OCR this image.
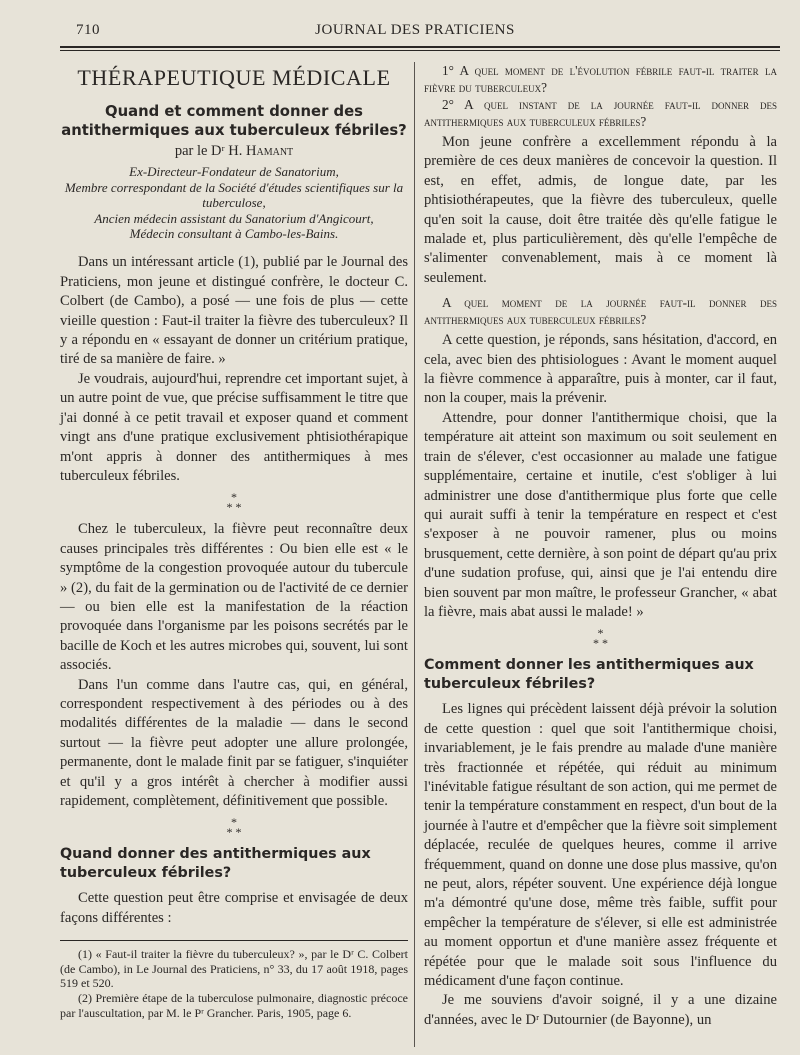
710	JOURNAL DES PRATICIENS
THÉRAPEUTIQUE MÉDICALE
Quand et comment donner des antithermiques aux tuberculeux fébriles?
par le Dʳ H. Hamant
Ex-Directeur-Fondateur de Sanatorium,
Membre correspondant de la Société d'études scientifiques sur la tuberculose,
Ancien médecin assistant du Sanatorium d'Angicourt,
Médecin consultant à Cambo-les-Bains.

Dans un intéressant article (1), publié par le Journal des Praticiens, mon jeune et distingué confrère, le docteur C. Colbert (de Cambo), a posé — une fois de plus — cette vieille question : Faut-il traiter la fièvre des tuberculeux? Il y a répondu en « essayant de donner un critérium pratique, tiré de sa manière de faire. »

Je voudrais, aujourd'hui, reprendre cet important sujet, à un autre point de vue, que précise suffisamment le titre que j'ai donné à ce petit travail et exposer quand et comment vingt ans d'une pratique exclusivement phtisiothérapique m'ont appris à donner des antithermiques à mes tuberculeux fébriles.

*
* *

Chez le tuberculeux, la fièvre peut reconnaître deux causes principales très différentes : Ou bien elle est « le symptôme de la congestion provoquée autour du tubercule » (2), du fait de la germination ou de l'activité de ce dernier — ou bien elle est la manifestation de la réaction provoquée dans l'organisme par les poisons secrétés par le bacille de Koch et les autres microbes qui, souvent, lui sont associés.

Dans l'un comme dans l'autre cas, qui, en général, correspondent respectivement à des périodes ou à des modalités différentes de la maladie — dans le second surtout — la fièvre peut adopter une allure prolongée, permanente, dont le malade finit par se fatiguer, s'inquiéter et qu'il y a gros intérêt à chercher à modifier aussi rapidement, complètement, définitivement que possible.

*
* *
Quand donner des antithermiques aux tuberculeux fébriles?

Cette question peut être comprise et envisagée de deux façons différentes :

(1) « Faut-il traiter la fièvre du tuberculeux? », par le Dʳ C. Colbert (de Cambo), in Le Journal des Praticiens, n° 33, du 17 août 1918, pages 519 et 520.

(2) Première étape de la tuberculose pulmonaire, diagnostic précoce par l'auscultation, par M. le Pʳ Grancher. Paris, 1905, page 6.

1° A quel moment de l'évolution fébrile faut-il traiter la fièvre du tuberculeux?

2° A quel instant de la journée faut-il donner des antithermiques aux tuberculeux fébriles?

Mon jeune confrère a excellemment répondu à la première de ces deux manières de concevoir la question. Il est, en effet, admis, de longue date, par les phtisiothérapeutes, que la fièvre des tuberculeux, quelle qu'en soit la cause, doit être traitée dès qu'elle fatigue le malade et, plus particulièrement, dès qu'elle l'empêche de s'alimenter convenablement, mais à ce moment là seulement.

A quel moment de la journée faut-il donner des antithermiques aux tuberculeux fébriles?

A cette question, je réponds, sans hésitation, d'accord, en cela, avec bien des phtisiologues : Avant le moment auquel la fièvre commence à apparaître, puis à monter, car il faut, non la couper, mais la prévenir.

Attendre, pour donner l'antithermique choisi, que la température ait atteint son maximum ou soit seulement en train de s'élever, c'est occasionner au malade une fatigue supplémentaire, certaine et inutile, c'est s'obliger à lui administrer une dose d'antithermique plus forte que celle qui aurait suffi à tenir la température en respect et c'est s'exposer à ne pouvoir ramener, plus ou moins brusquement, cette dernière, à son point de départ qu'au prix d'une sudation profuse, qui, ainsi que je l'ai entendu dire bien souvent par mon maître, le professeur Grancher, « abat la fièvre, mais abat aussi le malade! »

*
* *
Comment donner les antithermiques aux tuberculeux fébriles?

Les lignes qui précèdent laissent déjà prévoir la solution de cette question : quel que soit l'antithermique choisi, invariablement, je le fais prendre au malade d'une manière très fractionnée et répétée, qui réduit au minimum l'inévitable fatigue résultant de son action, qui me permet de tenir la température constamment en respect, d'un bout de la journée à l'autre et d'empêcher que la fièvre soit simplement déplacée, reculée de quelques heures, comme il arrive fréquemment, quand on donne une dose plus massive, qu'on ne peut, alors, répéter souvent. Une expérience déjà longue m'a démontré qu'une dose, même très faible, suffit pour empêcher la température de s'élever, si elle est administrée au moment opportun et d'une manière assez fréquente et répétée pour que le malade soit sous l'influence du médicament d'une façon continue.

Je me souviens d'avoir soigné, il y a une dizaine d'années, avec le Dʳ Dutournier (de Bayonne), un
